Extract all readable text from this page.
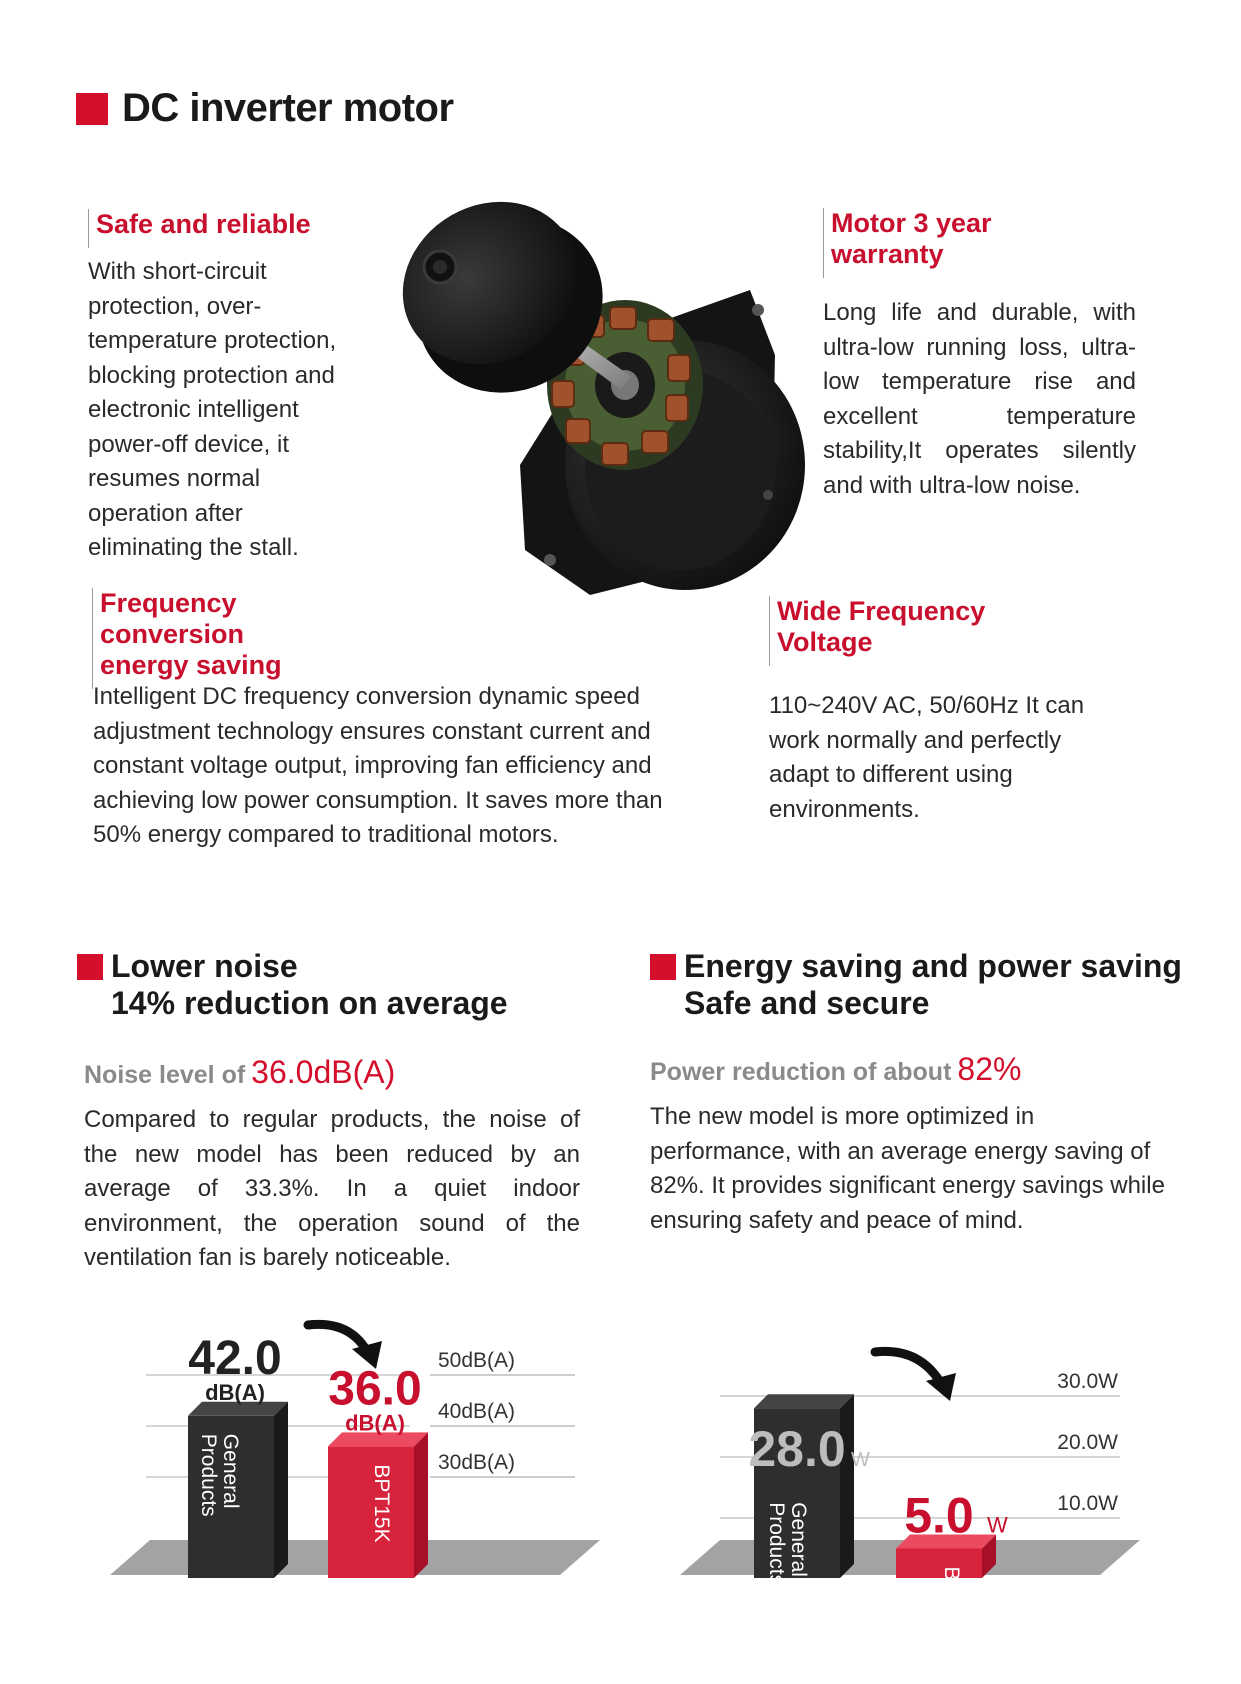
DC inverter motor
Safe and reliable

With short-circuit protection, over-temperature protection, blocking protection and electronic intelligent power-off device, it resumes normal operation after eliminating the stall.

Motor 3 year
warranty

Long life and durable, with ultra-low running loss, ultra-low temperature rise and excellent temperature stability,It operates silently and with ultra-low noise.

Frequency conversion
energy saving

Intelligent DC frequency conversion dynamic speed adjustment technology ensures constant current and constant voltage output, improving fan efficiency and achieving low power consumption. It saves more than 50% energy compared to traditional motors.

Wide Frequency
Voltage

110~240V AC, 50/60Hz It can work normally and perfectly adapt to different using environments.

Lower noise
14% reduction on average
Noise level of 36.0dB(A)

Compared to regular products, the noise of the new model has been reduced by an average of 33.3%. In a quiet indoor environment, the operation sound of the ventilation fan is barely noticeable.

Energy saving and power saving
Safe and secure
Power reduction of about 82%

The new model is more optimized in performance, with an average energy saving of 82%. It provides significant energy savings while ensuring safety and peace of mind.

50dB(A)
40dB(A)
30dB(A)
42.0
dB(A)
GeneralProducts
36.0
dB(A)
BPT15K
30.0W
20.0W
10.0W
28.0 W
GeneralProducts	5.0 W
BPT15K
